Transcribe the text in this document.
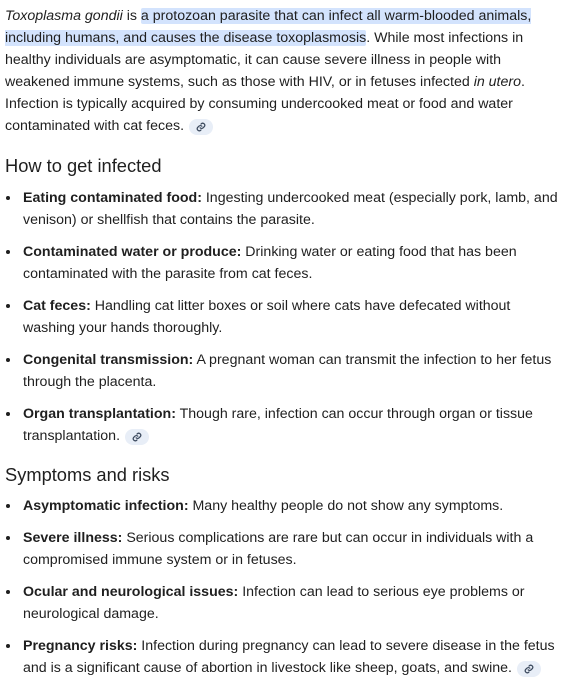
Toxoplasma gondii is a protozoan parasite that can infect all warm-blooded animals, including humans, and causes the disease toxoplasmosis. While most infections in healthy individuals are asymptomatic, it can cause severe illness in people with weakened immune systems, such as those with HIV, or in fetuses infected in utero. Infection is typically acquired by consuming undercooked meat or food and water contaminated with cat feces.

How to get infected
Eating contaminated food: Ingesting undercooked meat (especially pork, lamb, and venison) or shellfish that contains the parasite.
Contaminated water or produce: Drinking water or eating food that has been contaminated with the parasite from cat feces.
Cat feces: Handling cat litter boxes or soil where cats have defecated without washing your hands thoroughly.
Congenital transmission: A pregnant woman can transmit the infection to her fetus through the placenta.
Organ transplantation: Though rare, infection can occur through organ or tissue transplantation.
Symptoms and risks
Asymptomatic infection: Many healthy people do not show any symptoms.
Severe illness: Serious complications are rare but can occur in individuals with a compromised immune system or in fetuses.
Ocular and neurological issues: Infection can lead to serious eye problems or neurological damage.
Pregnancy risks: Infection during pregnancy can lead to severe disease in the fetus and is a significant cause of abortion in livestock like sheep, goats, and swine.
